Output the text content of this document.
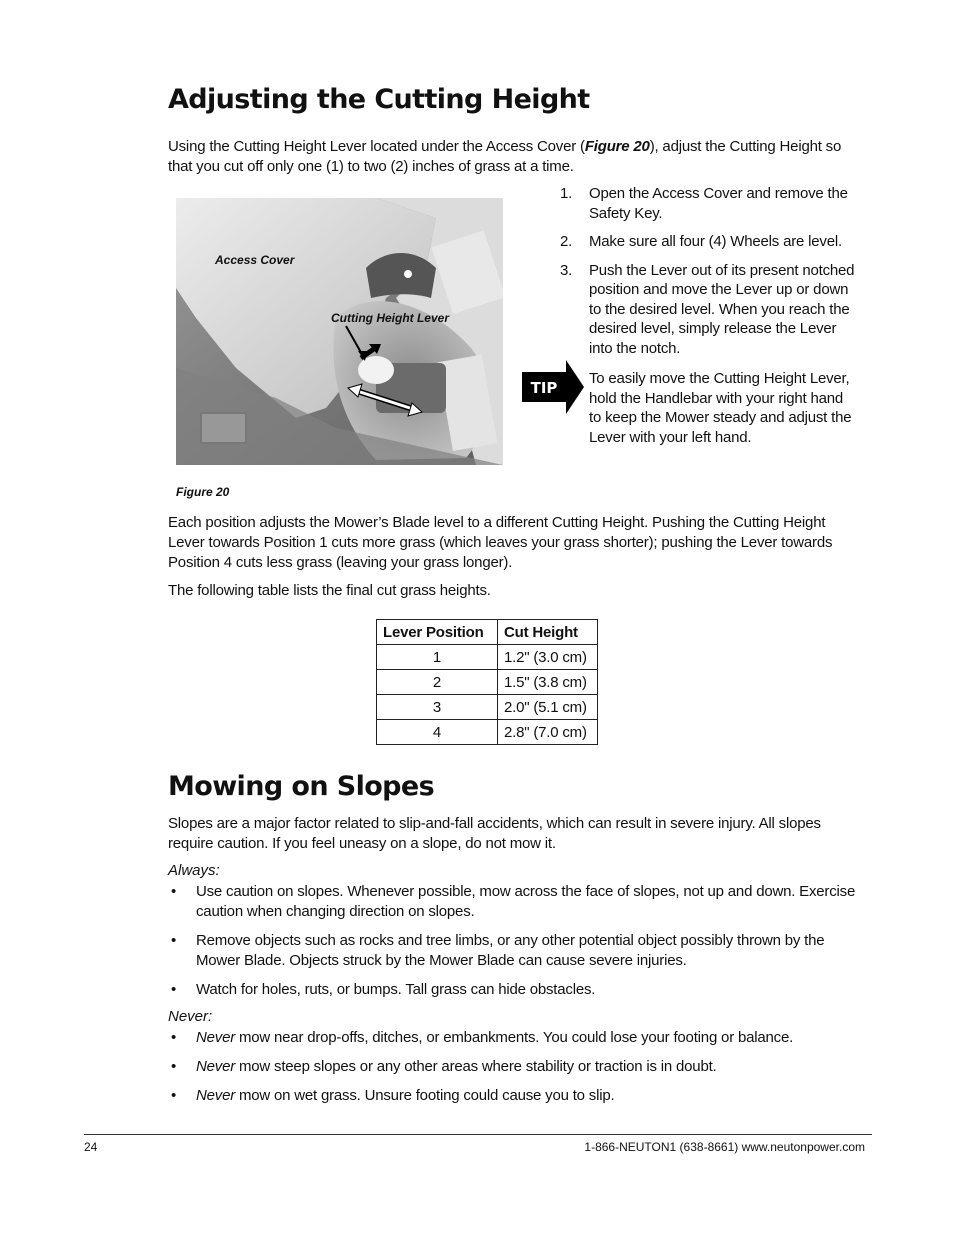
Adjusting the Cutting Height

Using the Cutting Height Lever located under the Access Cover (Figure 20), adjust the Cutting Height so that you cut off only one (1) to two (2) inches of grass at a time.

Access Cover
Cutting Height Lever
Figure 20
1. Open the Access Cover and remove the Safety Key.
2. Make sure all four (4) Wheels are level.
3. Push the Lever out of its present notched position and move the Lever up or down to the desired level. When you reach the desired level, simply release the Lever into the notch.
TIP
To easily move the Cutting Height Lever, hold the Handlebar with your right hand to keep the Mower steady and adjust the Lever with your left hand.

Each position adjusts the Mower’s Blade level to a different Cutting Height. Pushing the Cutting Height Lever towards Position 1 cuts more grass (which leaves your grass shorter); pushing the Lever towards Position 4 cuts less grass (leaving your grass longer).

The following table lists the final cut grass heights.

Lever Position	Cut Height
1	1.2" (3.0 cm)
2	1.5" (3.8 cm)
3	2.0" (5.1 cm)
4	2.8" (7.0 cm)
Mowing on Slopes

Slopes are a major factor related to slip-and-fall accidents, which can result in severe injury. All slopes require caution. If you feel uneasy on a slope, do not mow it.

Always:
• Use caution on slopes. Whenever possible, mow across the face of slopes, not up and down. Exercise caution when changing direction on slopes.
• Remove objects such as rocks and tree limbs, or any other potential object possibly thrown by the Mower Blade. Objects struck by the Mower Blade can cause severe injuries.
• Watch for holes, ruts, or bumps. Tall grass can hide obstacles.
Never:
• Never mow near drop-offs, ditches, or embankments. You could lose your footing or balance.
• Never mow steep slopes or any other areas where stability or traction is in doubt.
• Never mow on wet grass. Unsure footing could cause you to slip.
24	1-866-NEUTON1 (638-8661) www.neutonpower.com
